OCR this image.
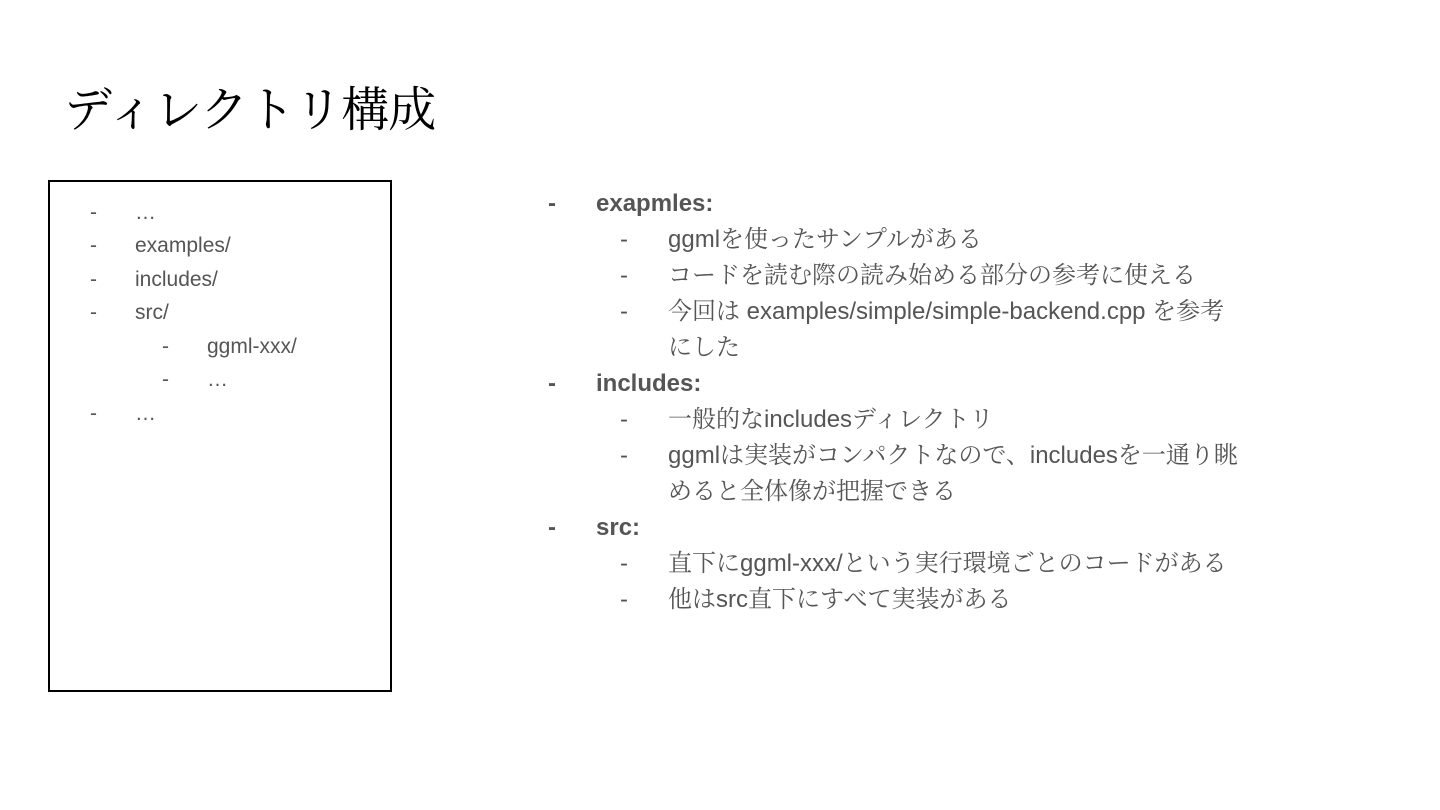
ディレクトリ構成
-	…
-	examples/
-	includes/
-	src/
-	ggml-xxx/
-	…
-	…
-	exapmles:
-	ggmlを使ったサンプルがある
-	コードを読む際の読み始める部分の参考に使える
-	今回は examples/simple/simple-backend.cpp を参考にした
-	includes:
-	一般的なincludesディレクトリ
-	ggmlは実装がコンパクトなので、includesを一通り眺めると全体像が把握できる
-	src:
-	直下にggml-xxx/という実行環境ごとのコードがある
-	他はsrc直下にすべて実装がある
